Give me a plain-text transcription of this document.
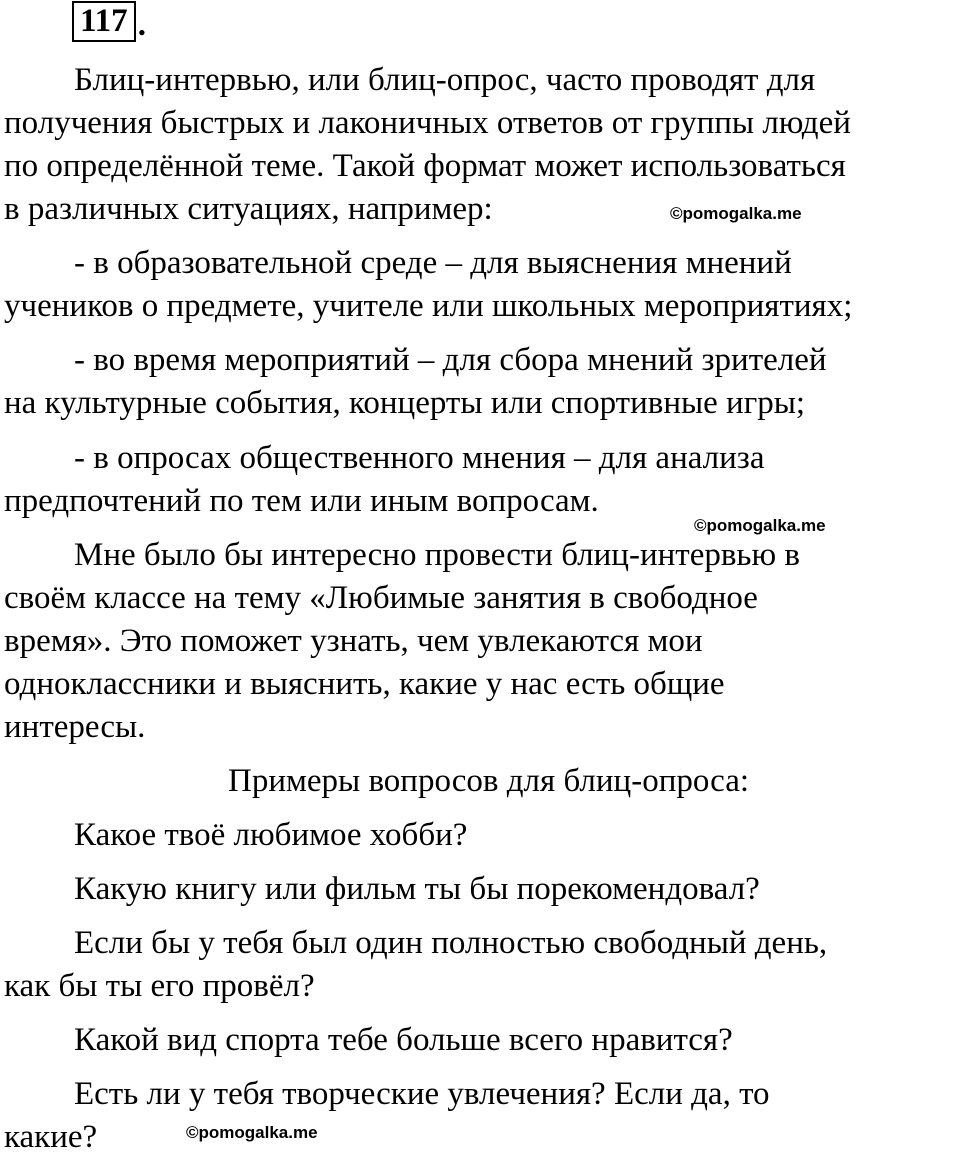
117 .
Блиц-интервью, или блиц-опрос, часто проводят для
получения быстрых и лаконичных ответов от группы людей
по определённой теме. Такой формат может использоваться
в различных ситуациях, например:
- в образовательной среде – для выяснения мнений
учеников о предмете, учителе или школьных мероприятиях;
- во время мероприятий – для сбора мнений зрителей
на культурные события, концерты или спортивные игры;
- в опросах общественного мнения – для анализа
предпочтений по тем или иным вопросам.
Мне было бы интересно провести блиц-интервью в
своём классе на тему «Любимые занятия в свободное
время». Это поможет узнать, чем увлекаются мои
одноклассники и выяснить, какие у нас есть общие
интересы.
Примеры вопросов для блиц-опроса:
Какое твоё любимое хобби?
Какую книгу или фильм ты бы порекомендовал?
Если бы у тебя был один полностью свободный день,
как бы ты его провёл?
Какой вид спорта тебе больше всего нравится?
Есть ли у тебя творческие увлечения? Если да, то
какие?
©pomogalka.me
©pomogalka.me
©pomogalka.me
